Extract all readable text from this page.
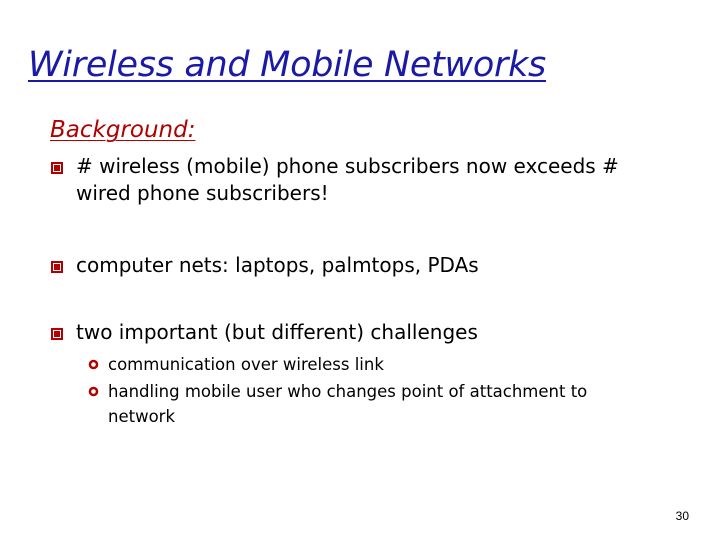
Wireless and Mobile Networks
Background:
# wireless (mobile) phone subscribers now exceeds # wired phone subscribers!
computer nets: laptops, palmtops, PDAs
two important (but different) challenges
communication over wireless link
handling mobile user who changes point of attachment to network
30
